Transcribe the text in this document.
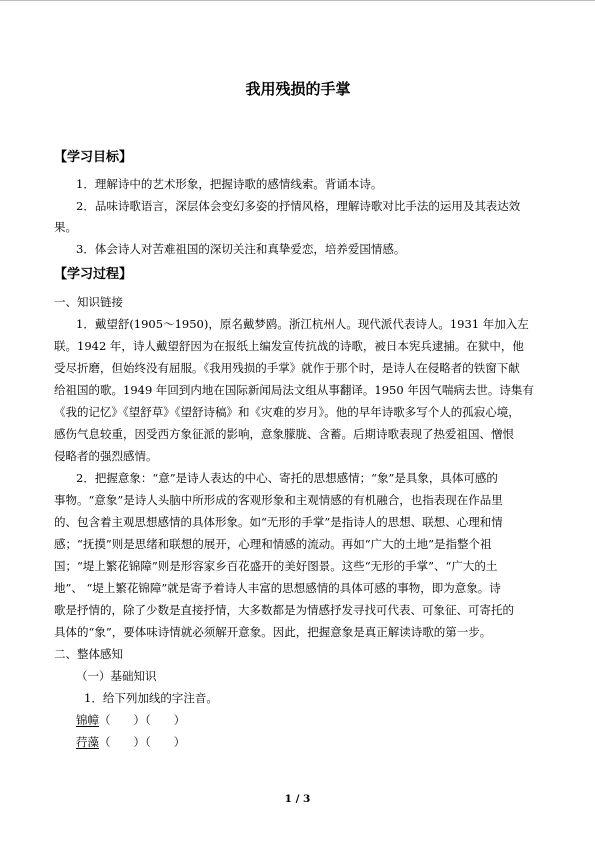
我用残损的手掌
【学习目标】
1．理解诗中的艺术形象，把握诗歌的感情线索。背诵本诗。
2．品味诗歌语言，深层体会变幻多姿的抒情风格，理解诗歌对比手法的运用及其表达效
果。
3．体会诗人对苦难祖国的深切关注和真挚爱恋，培养爱国情感。
【学习过程】
一、知识链接
1．戴望舒(1905～1950)，原名戴梦鸥。浙江杭州人。现代派代表诗人。1931 年加入左
联。1942 年，诗人戴望舒因为在报纸上编发宣传抗战的诗歌，被日本宪兵逮捕。在狱中，他
受尽折磨，但始终没有屈服。《我用残损的手掌》就作于那个时，是诗人在侵略者的铁窗下献
给祖国的歌。1949 年回到内地在国际新闻局法文组从事翻译。1950 年因气喘病去世。诗集有
《我的记忆》《望舒草》《望舒诗稿》和《灾难的岁月》。他的早年诗歌多写个人的孤寂心境，
感伤气息较重，因受西方象征派的影响，意象朦胧、含蓄。后期诗歌表现了热爱祖国、憎恨
侵略者的强烈感情。
2．把握意象：“意”是诗人表达的中心、寄托的思想感情；“象”是具象，具体可感的
事物。“意象”是诗人头脑中所形成的客观形象和主观情感的有机融合，也指表现在作品里
的、包含着主观思想感情的具体形象。如“无形的手掌”是指诗人的思想、联想、心理和情
感；“抚摸”则是思绪和联想的展开，心理和情感的流动。再如“广大的土地”是指整个祖
国；“堤上繁花锦障”则是形容家乡百花盛开的美好图景。这些“无形的手掌”、“广大的土
地”、 “堤上繁花锦障”就是寄予着诗人丰富的思想感情的具体可感的事物，即为意象。诗
歌是抒情的，除了少数是直接抒情，大多数都是为情感抒发寻找可代表、可象征、可寄托的
具体的“象”，要体味诗情就必须解开意象。因此，把握意象是真正解读诗歌的第一步。
二、整体感知
（一）基础知识
1．给下列加线的字注音。
锦幛（　　）（　　）
荇藻（　　）（　　）
1 / 3
